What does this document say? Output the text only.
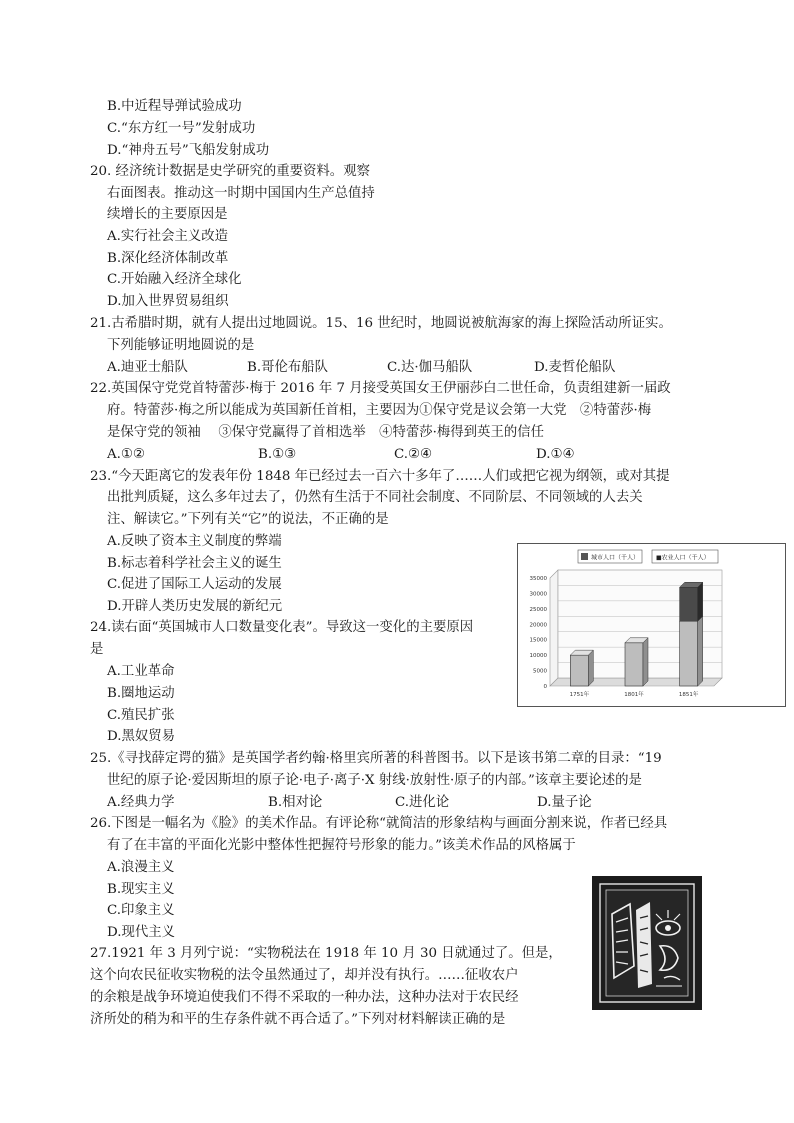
B.中近程导弹试验成功
C.“东方红一号”发射成功
D.“神舟五号”飞船发射成功
20. 经济统计数据是史学研究的重要资料。观察
右面图表。推动这一时期中国国内生产总值持
续增长的主要原因是
A.实行社会主义改造
B.深化经济体制改革
C.开始融入经济全球化
D.加入世界贸易组织
21.古希腊时期，就有人提出过地圆说。15、16 世纪时，地圆说被航海家的海上探险活动所证实。
下列能够证明地圆说的是
A.迪亚士船队	B.哥伦布船队	C.达·伽马船队	D.麦哲伦船队
22.英国保守党党首特蕾莎·梅于 2016 年 7 月接受英国女王伊丽莎白二世任命，负责组建新一届政
府。特蕾莎·梅之所以能成为英国新任首相，主要因为①保守党是议会第一大党　②特蕾莎·梅
是保守党的领袖　 ③保守党赢得了首相选举　④特蕾莎·梅得到英王的信任
A.①②	B.①③	C.②④	D.①④
23.“今天距离它的发表年份 1848 年已经过去一百六十多年了……人们或把它视为纲领，或对其提
出批判质疑，这么多年过去了，仍然有生活于不同社会制度、不同阶层、不同领域的人去关
注、解读它。”下列有关“它”的说法，不正确的是
A.反映了资本主义制度的弊端
B.标志着科学社会主义的诞生
C.促进了国际工人运动的发展
D.开辟人类历史发展的新纪元
24.读右面“英国城市人口数量变化表”。导致这一变化的主要原因
是
A.工业革命
B.圈地运动
C.殖民扩张
D.黑奴贸易
25.《寻找薛定谔的猫》是英国学者约翰·格里宾所著的科普图书。以下是该书第二章的目录：“19
世纪的原子论·爱因斯坦的原子论·电子·离子·X 射线·放射性·原子的内部。”该章主要论述的是
A.经典力学	B.相对论	C.进化论	D.量子论
26.下图是一幅名为《脸》的美术作品。有评论称“就简洁的形象结构与画面分割来说，作者已经具
有了在丰富的平面化光影中整体性把握符号形象的能力。”该美术作品的风格属于
A.浪漫主义
B.现实主义
C.印象主义
D.现代主义
27.1921 年 3 月列宁说：“实物税法在 1918 年 10 月 30 日就通过了。但是，
这个向农民征收实物税的法令虽然通过了，却并没有执行。……征收农户
的余粮是战争环境迫使我们不得不采取的一种办法，这种办法对于农民经
济所处的稍为和平的生存条件就不再合适了。”下列对材料解读正确的是
35000
30000
25000
20000
15000
10000
5000
0
1751年	1801年	1851年
城市人口（千人）	■农业人口（千人）
